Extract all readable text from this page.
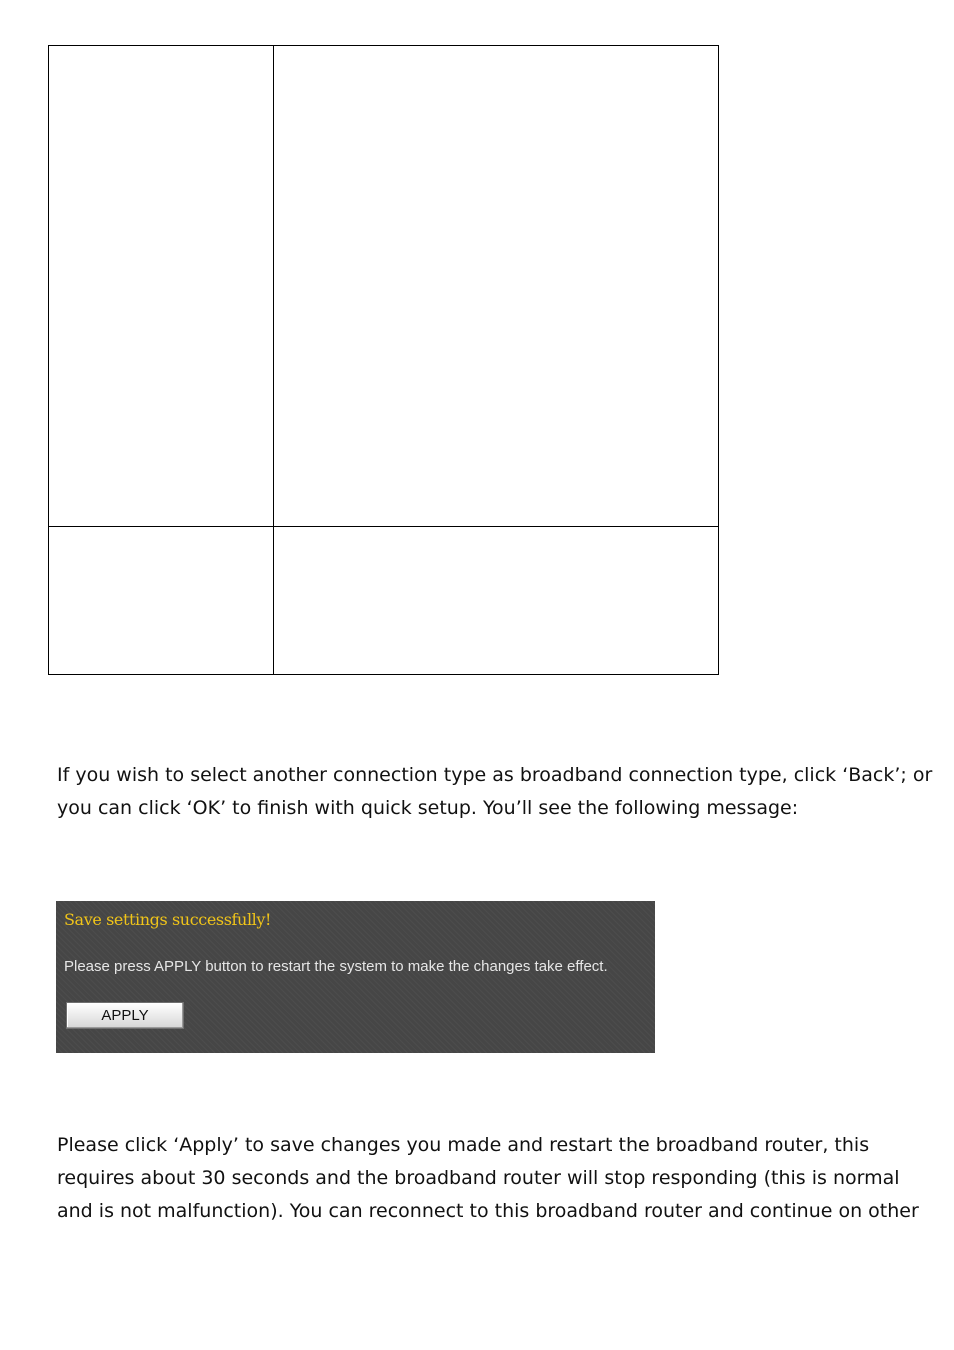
If you wish to select another connection type as broadband connection type, click ‘Back’; or
you can click ‘OK’ to finish with quick setup. You’ll see the following message:
Save settings successfully!
Please press APPLY button to restart the system to make the changes take effect.
APPLY
Please click ‘Apply’ to save changes you made and restart the broadband router, this
requires about 30 seconds and the broadband router will stop responding (this is normal
and is not malfunction). You can reconnect to this broadband router and continue on other
